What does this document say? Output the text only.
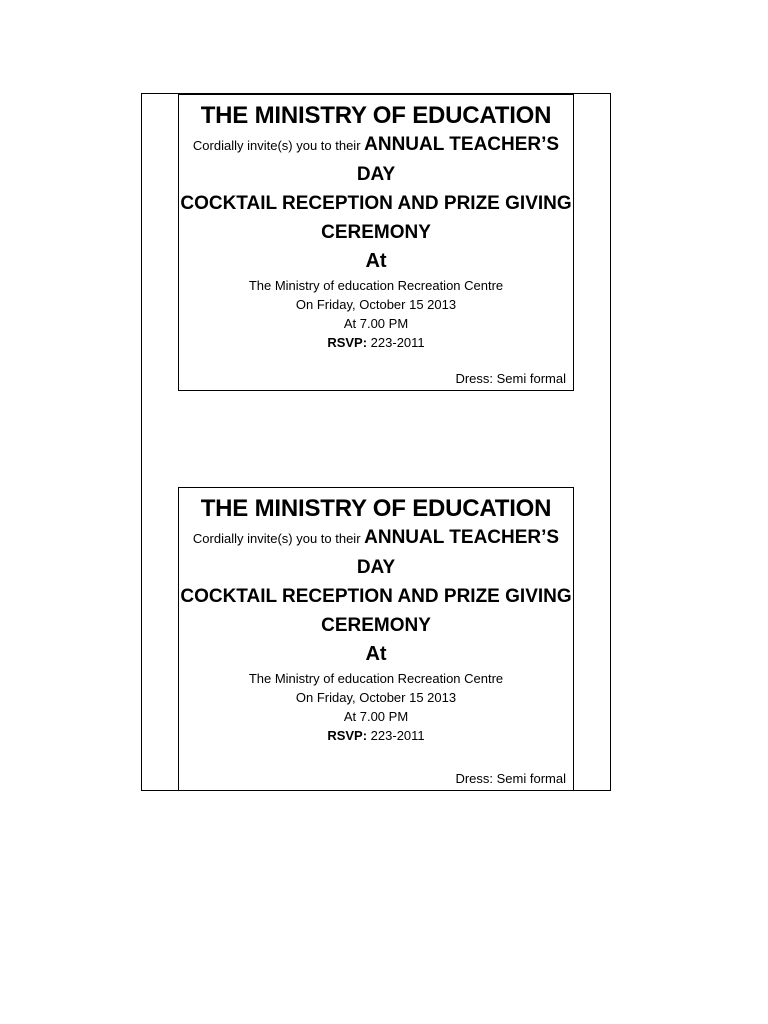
THE MINISTRY OF EDUCATION
Cordially invite(s) you to their ANNUAL TEACHER’S
DAY
COCKTAIL RECEPTION AND PRIZE GIVING
CEREMONY
At
The Ministry of education Recreation Centre
On Friday, October 15 2013
At 7.00 PM
RSVP: 223-2011
Dress: Semi formal
THE MINISTRY OF EDUCATION
Cordially invite(s) you to their ANNUAL TEACHER’S
DAY
COCKTAIL RECEPTION AND PRIZE GIVING
CEREMONY
At
The Ministry of education Recreation Centre
On Friday, October 15 2013
At 7.00 PM
RSVP: 223-2011
Dress: Semi formal
